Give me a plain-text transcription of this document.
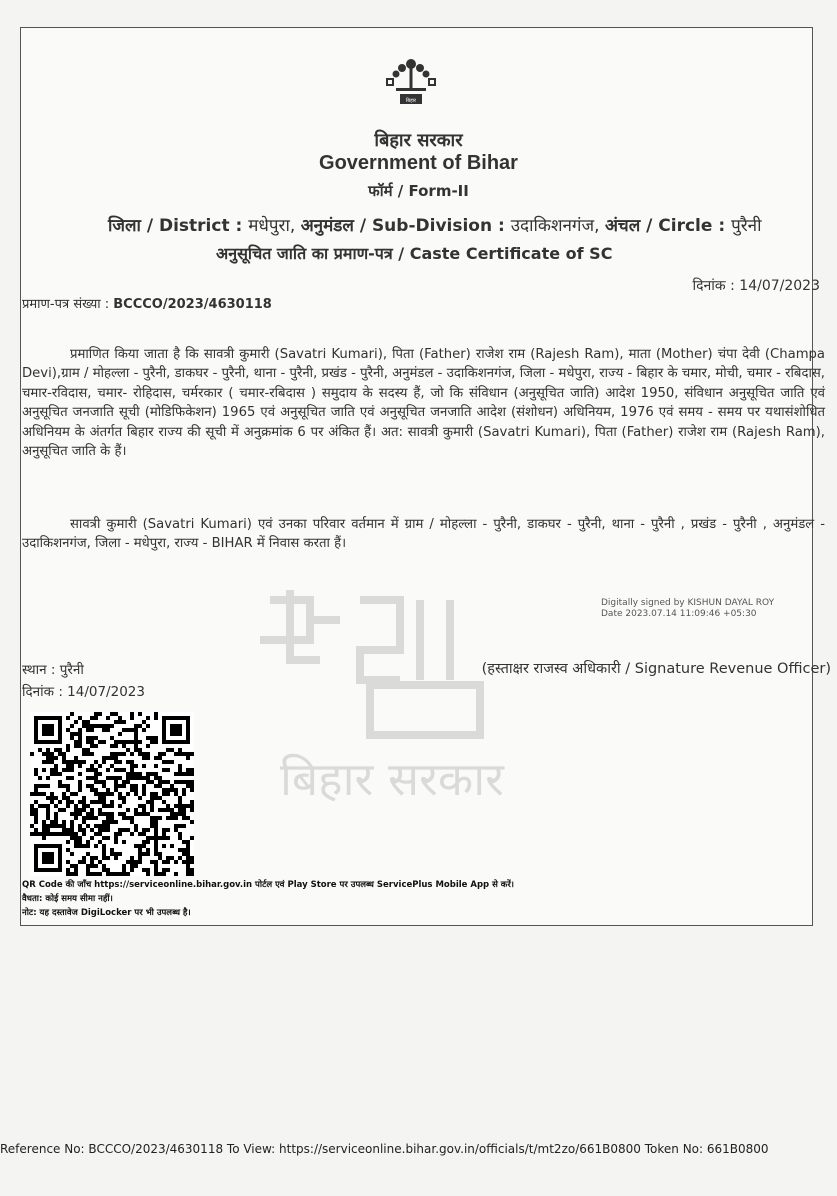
बिहार सरकार
बिहार
बिहार सरकार
Government of Bihar
फॉर्म / Form-II
जिला / District : मधेपुरा, अनुमंडल / Sub-Division : उदाकिशनगंज, अंचल / Circle : पुरैनी
अनुसूचित जाति का प्रमाण-पत्र / Caste Certificate of SC
दिनांक : 14/07/2023
प्रमाण-पत्र संख्या : BCCCO/2023/4630118
प्रमाणित किया जाता है कि सावत्री कुमारी (Savatri Kumari), पिता (Father) राजेश राम (Rajesh Ram), माता (Mother) चंपा देवी (Champa Devi),ग्राम / मोहल्ला - पुरैनी, डाकघर - पुरैनी, थाना - पुरैनी, प्रखंड - पुरैनी, अनुमंडल - उदाकिशनगंज, जिला - मधेपुरा, राज्य - बिहार के चमार, मोची, चमार - रबिदास, चमार-रविदास, चमार- रोहिदास, चर्मरकार ( चमार-रबिदास ) समुदाय के सदस्य हैं, जो कि संविधान (अनुसूचित जाति) आदेश 1950, संविधान अनुसूचित जाति एवं अनुसूचित जनजाति सूची (मोडिफिकेशन) 1965 एवं अनुसूचित जाति एवं अनुसूचित जनजाति आदेश (संशोधन) अधिनियम, 1976 एवं समय - समय पर यथासंशोधित अधिनियम के अंतर्गत बिहार राज्य की सूची में अनुक्रमांक 6 पर अंकित हैं। अत: सावत्री कुमारी (Savatri Kumari), पिता (Father) राजेश राम (Rajesh Ram), अनुसूचित जाति के हैं।
सावत्री कुमारी (Savatri Kumari) एवं उनका परिवार वर्तमान में ग्राम / मोहल्ला - पुरैनी, डाकघर - पुरैनी, थाना - पुरैनी , प्रखंड - पुरैनी , अनुमंडल - उदाकिशनगंज, जिला - मधेपुरा, राज्य - BIHAR में निवास करता हैं।
Digitally signed by KISHUN DAYAL ROY
Date 2023.07.14 11:09:46 +05:30
स्थान : पुरैनी
दिनांक : 14/07/2023
(हस्ताक्षर राजस्व अधिकारी / Signature Revenue Officer)
QR Code की जाँच https://serviceonline.bihar.gov.in पोर्टल एवं Play Store पर उपलब्ध ServicePlus Mobile App से करें।
वैधता: कोई समय सीमा नहीं।
नोट: यह दस्तावेज DigiLocker पर भी उपलब्ध है।
Reference No: BCCCO/2023/4630118 To View: https://serviceonline.bihar.gov.in/officials/t/mt2zo/661B0800 Token No: 661B0800
